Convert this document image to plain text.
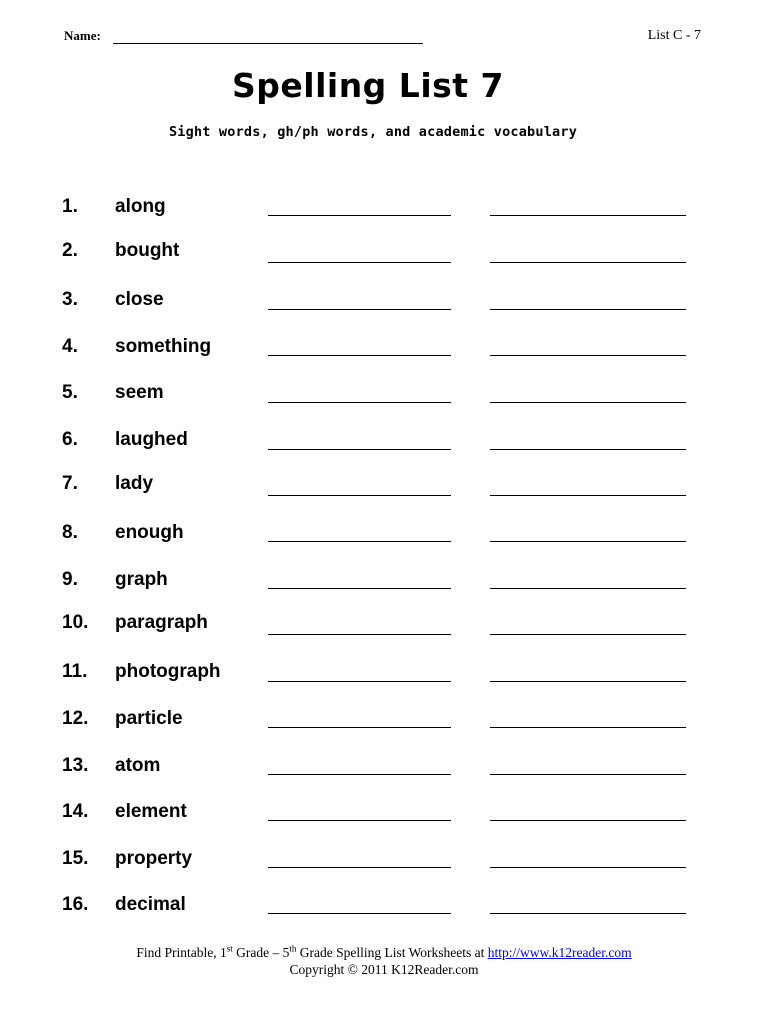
Name:	List C - 7
Spelling List 7
Sight words, gh/ph words, and academic vocabulary
1. along
2. bought
3. close
4. something
5. seem
6. laughed
7. lady
8. enough
9. graph
10. paragraph
11. photograph
12. particle
13. atom
14. element
15. property
16. decimal
Find Printable, 1st Grade – 5th Grade Spelling List Worksheets at http://www.k12reader.com
Copyright © 2011 K12Reader.com
